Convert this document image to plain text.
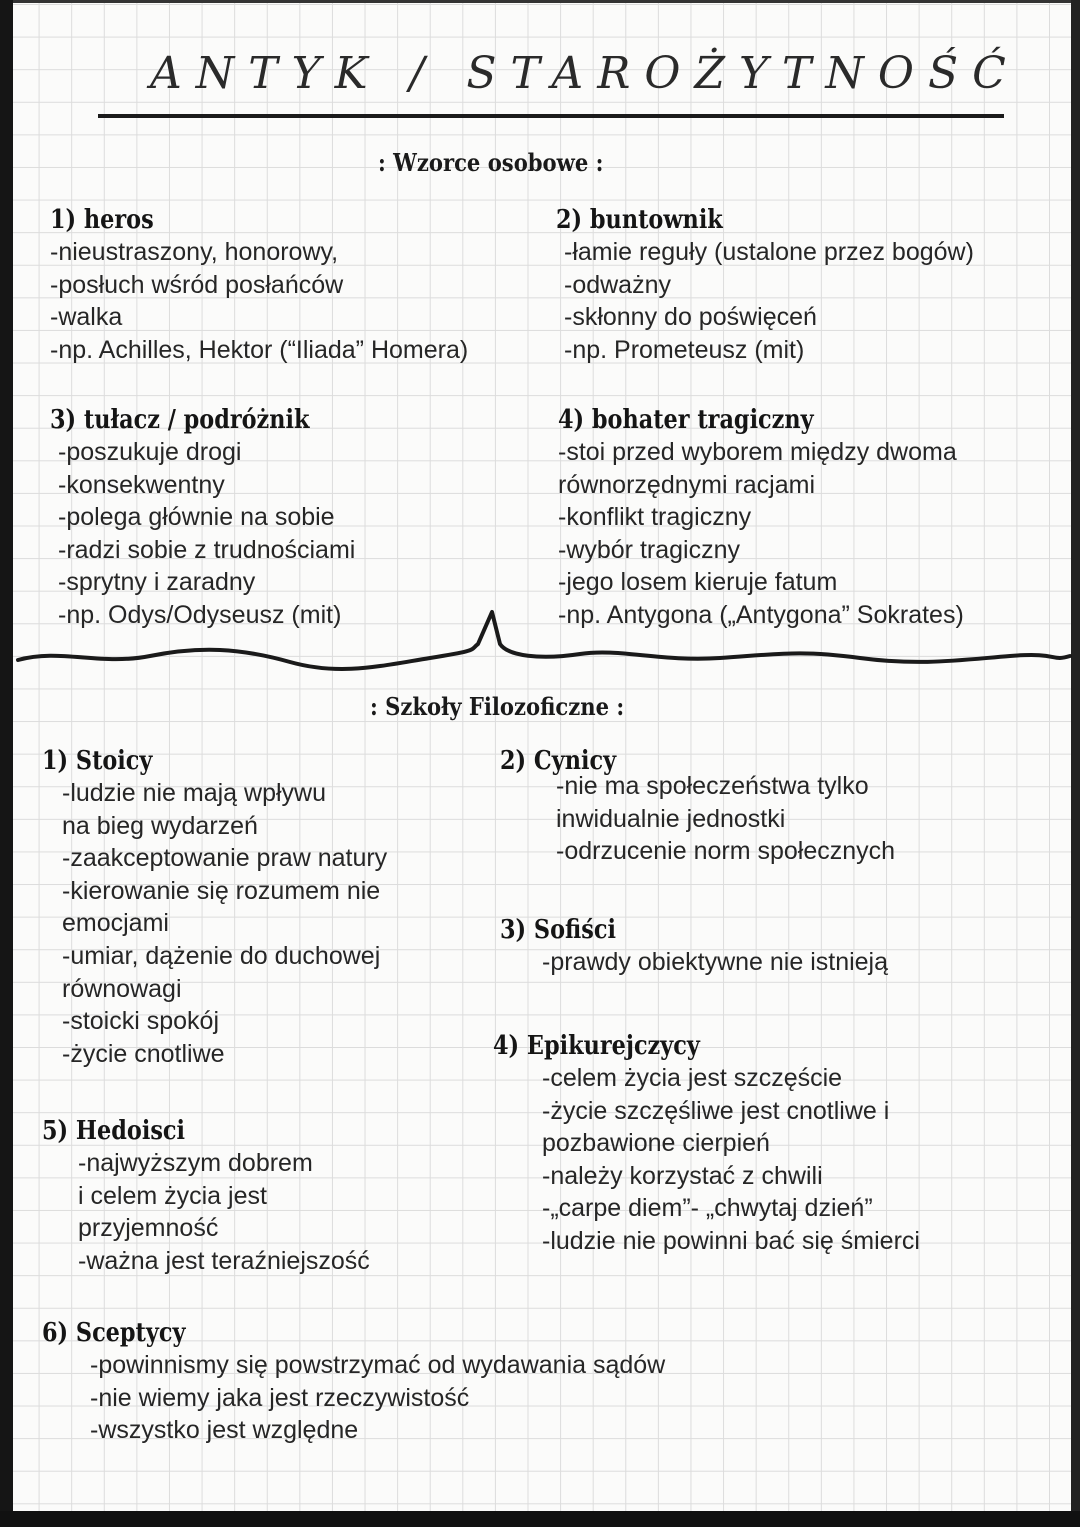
ANTYK / STAROŻYTNOŚĆ
: Wzorce osobowe :
1) heros
-nieustraszony, honorowy,
-posłuch wśród posłańców
-walka
-np. Achilles, Hektor (“Iliada” Homera)
2) buntownik
-łamie reguły (ustalone przez bogów)
-odważny
-skłonny do poświęceń
-np. Prometeusz (mit)
3) tułacz / podróżnik
-poszukuje drogi
-konsekwentny
-polega głównie na sobie
-radzi sobie z trudnościami
-sprytny i zaradny
-np. Odys/Odyseusz (mit)
4) bohater tragiczny
-stoi przed wyborem między dwoma
równorzędnymi racjami
-konflikt tragiczny
-wybór tragiczny
-jego losem kieruje fatum
-np. Antygona („Antygona” Sokrates)
: Szkoły Filozoficzne :
1) Stoicy
-ludzie nie mają wpływu
na bieg wydarzeń
-zaakceptowanie praw natury
-kierowanie się rozumem nie
emocjami
-umiar, dążenie do duchowej
równowagi
-stoicki spokój
-życie cnotliwe
2) Cynicy
-nie ma społeczeństwa tylko
inwidualnie jednostki
-odrzucenie norm społecznych
3) Sofiści
-prawdy obiektywne nie istnieją
4) Epikurejczycy
-celem życia jest szczęście
-życie szczęśliwe jest cnotliwe i
pozbawione cierpień
-należy korzystać z chwili
-„carpe diem”- „chwytaj dzień”
-ludzie nie powinni bać się śmierci
5) Hedoisci
-najwyższym dobrem
i celem życia jest
przyjemność
-ważna jest teraźniejszość
6) Sceptycy
-powinnismy się powstrzymać od wydawania sądów
-nie wiemy jaka jest rzeczywistość
-wszystko jest względne
